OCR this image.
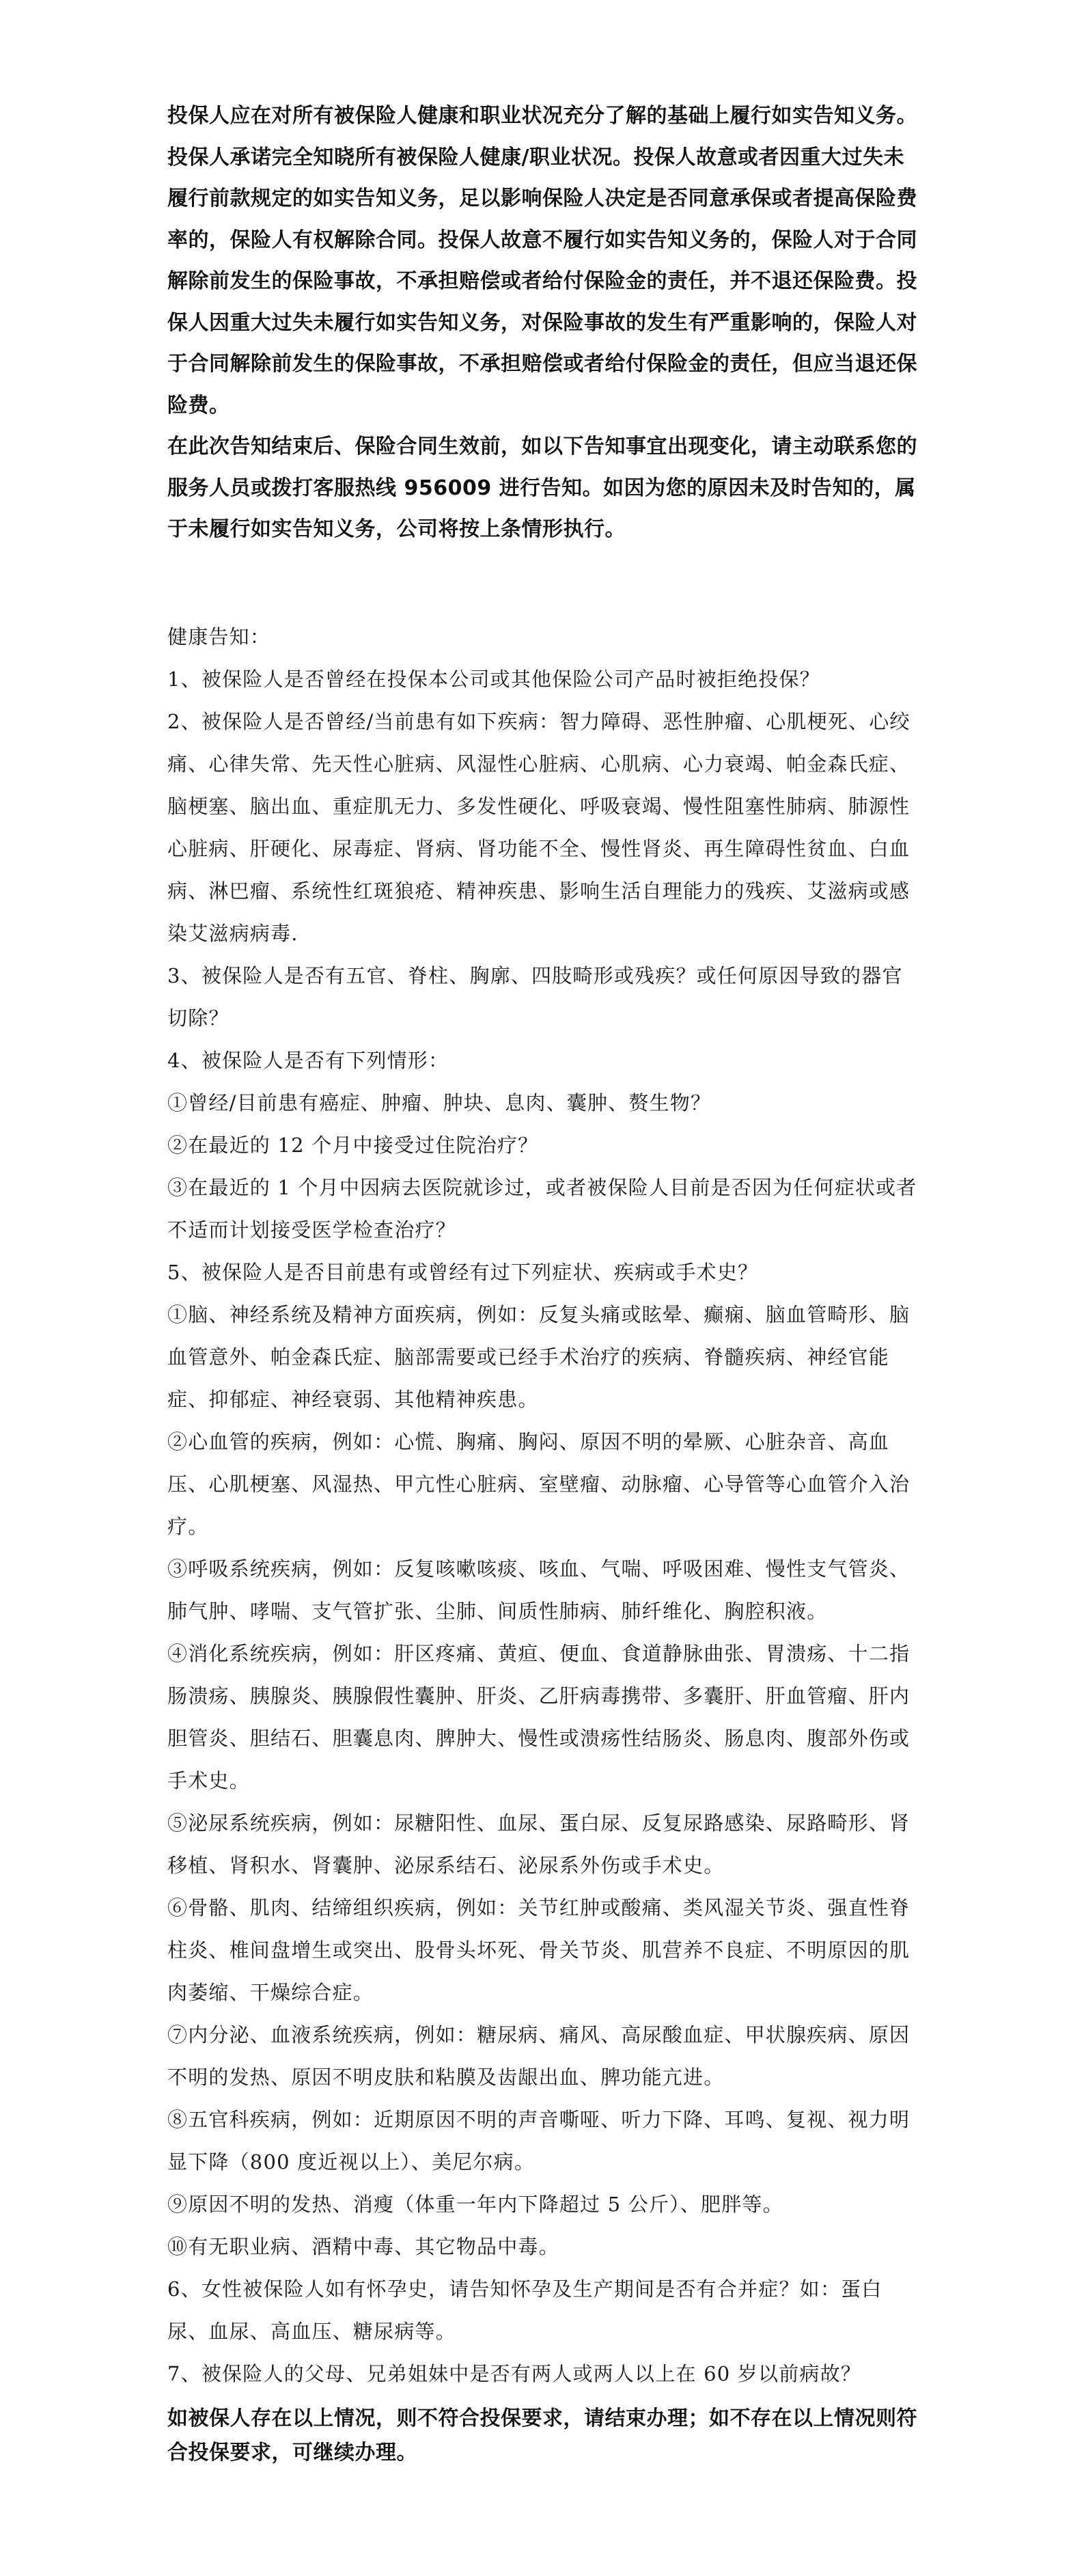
投保人应在对所有被保险人健康和职业状况充分了解的基础上履行如实告知义务。 投保人承诺完全知晓所有被保险人健康/职业状况。投保人故意或者因重大过失未履行前款规定的如实告知义务，足以影响保险人决定是否同意承保或者提高保险费率的，保险人有权解除合同。投保人故意不履行如实告知义务的，保险人对于合同解除前发生的保险事故，不承担赔偿或者给付保险金的责任，并不退还保险费。投保人因重大过失未履行如实告知义务，对保险事故的发生有严重影响的，保险人对于合同解除前发生的保险事故，不承担赔偿或者给付保险金的责任，但应当退还保险费。

在此次告知结束后、保险合同生效前，如以下告知事宜出现变化，请主动联系您的服务人员或拨打客服热线 956009 进行告知。如因为您的原因未及时告知的，属于未履行如实告知义务，公司将按上条情形执行。

健康告知：

1、被保险人是否曾经在投保本公司或其他保险公司产品时被拒绝投保？

2、被保险人是否曾经/当前患有如下疾病：智力障碍、恶性肿瘤、心肌梗死、心绞痛、心律失常、先天性心脏病、风湿性心脏病、心肌病、心力衰竭、帕金森氏症、脑梗塞、脑出血、重症肌无力、多发性硬化、呼吸衰竭、慢性阻塞性肺病、肺源性心脏病、肝硬化、尿毒症、肾病、肾功能不全、慢性肾炎、再生障碍性贫血、白血病、淋巴瘤、系统性红斑狼疮、精神疾患、影响生活自理能力的残疾、艾滋病或感染艾滋病病毒.

3、被保险人是否有五官、脊柱、胸廓、四肢畸形或残疾？或任何原因导致的器官切除？

4、被保险人是否有下列情形：

①曾经/目前患有癌症、肿瘤、肿块、息肉、囊肿、赘生物？

②在最近的 12 个月中接受过住院治疗？

③在最近的 1 个月中因病去医院就诊过，或者被保险人目前是否因为任何症状或者不适而计划接受医学检查治疗？

5、被保险人是否目前患有或曾经有过下列症状、疾病或手术史？

①脑、神经系统及精神方面疾病，例如：反复头痛或眩晕、癫痫、脑血管畸形、脑血管意外、帕金森氏症、脑部需要或已经手术治疗的疾病、脊髓疾病、神经官能症、抑郁症、神经衰弱、其他精神疾患。

②心血管的疾病，例如：心慌、胸痛、胸闷、原因不明的晕厥、心脏杂音、高血压、心肌梗塞、风湿热、甲亢性心脏病、室壁瘤、动脉瘤、心导管等心血管介入治疗。

③呼吸系统疾病，例如：反复咳嗽咳痰、咳血、气喘、呼吸困难、慢性支气管炎、肺气肿、哮喘、支气管扩张、尘肺、间质性肺病、肺纤维化、胸腔积液。

④消化系统疾病，例如：肝区疼痛、黄疸、便血、食道静脉曲张、胃溃疡、十二指肠溃疡、胰腺炎、胰腺假性囊肿、肝炎、乙肝病毒携带、多囊肝、肝血管瘤、肝内胆管炎、胆结石、胆囊息肉、脾肿大、慢性或溃疡性结肠炎、肠息肉、腹部外伤或手术史。

⑤泌尿系统疾病，例如：尿糖阳性、血尿、蛋白尿、反复尿路感染、尿路畸形、肾移植、肾积水、肾囊肿、泌尿系结石、泌尿系外伤或手术史。

⑥骨骼、肌肉、结缔组织疾病，例如：关节红肿或酸痛、类风湿关节炎、强直性脊柱炎、椎间盘增生或突出、股骨头坏死、骨关节炎、肌营养不良症、不明原因的肌肉萎缩、干燥综合症。

⑦内分泌、血液系统疾病，例如：糖尿病、痛风、高尿酸血症、甲状腺疾病、原因不明的发热、原因不明皮肤和粘膜及齿龈出血、脾功能亢进。

⑧五官科疾病，例如：近期原因不明的声音嘶哑、听力下降、耳鸣、复视、视力明显下降（800 度近视以上）、美尼尔病。

⑨原因不明的发热、消瘦（体重一年内下降超过 5 公斤）、肥胖等。

⑩有无职业病、酒精中毒、其它物品中毒。

6、女性被保险人如有怀孕史，请告知怀孕及生产期间是否有合并症？如：蛋白尿、血尿、高血压、糖尿病等。

7、被保险人的父母、兄弟姐妹中是否有两人或两人以上在 60 岁以前病故？

如被保人存在以上情况，则不符合投保要求，请结束办理；如不存在以上情况则符合投保要求，可继续办理。
